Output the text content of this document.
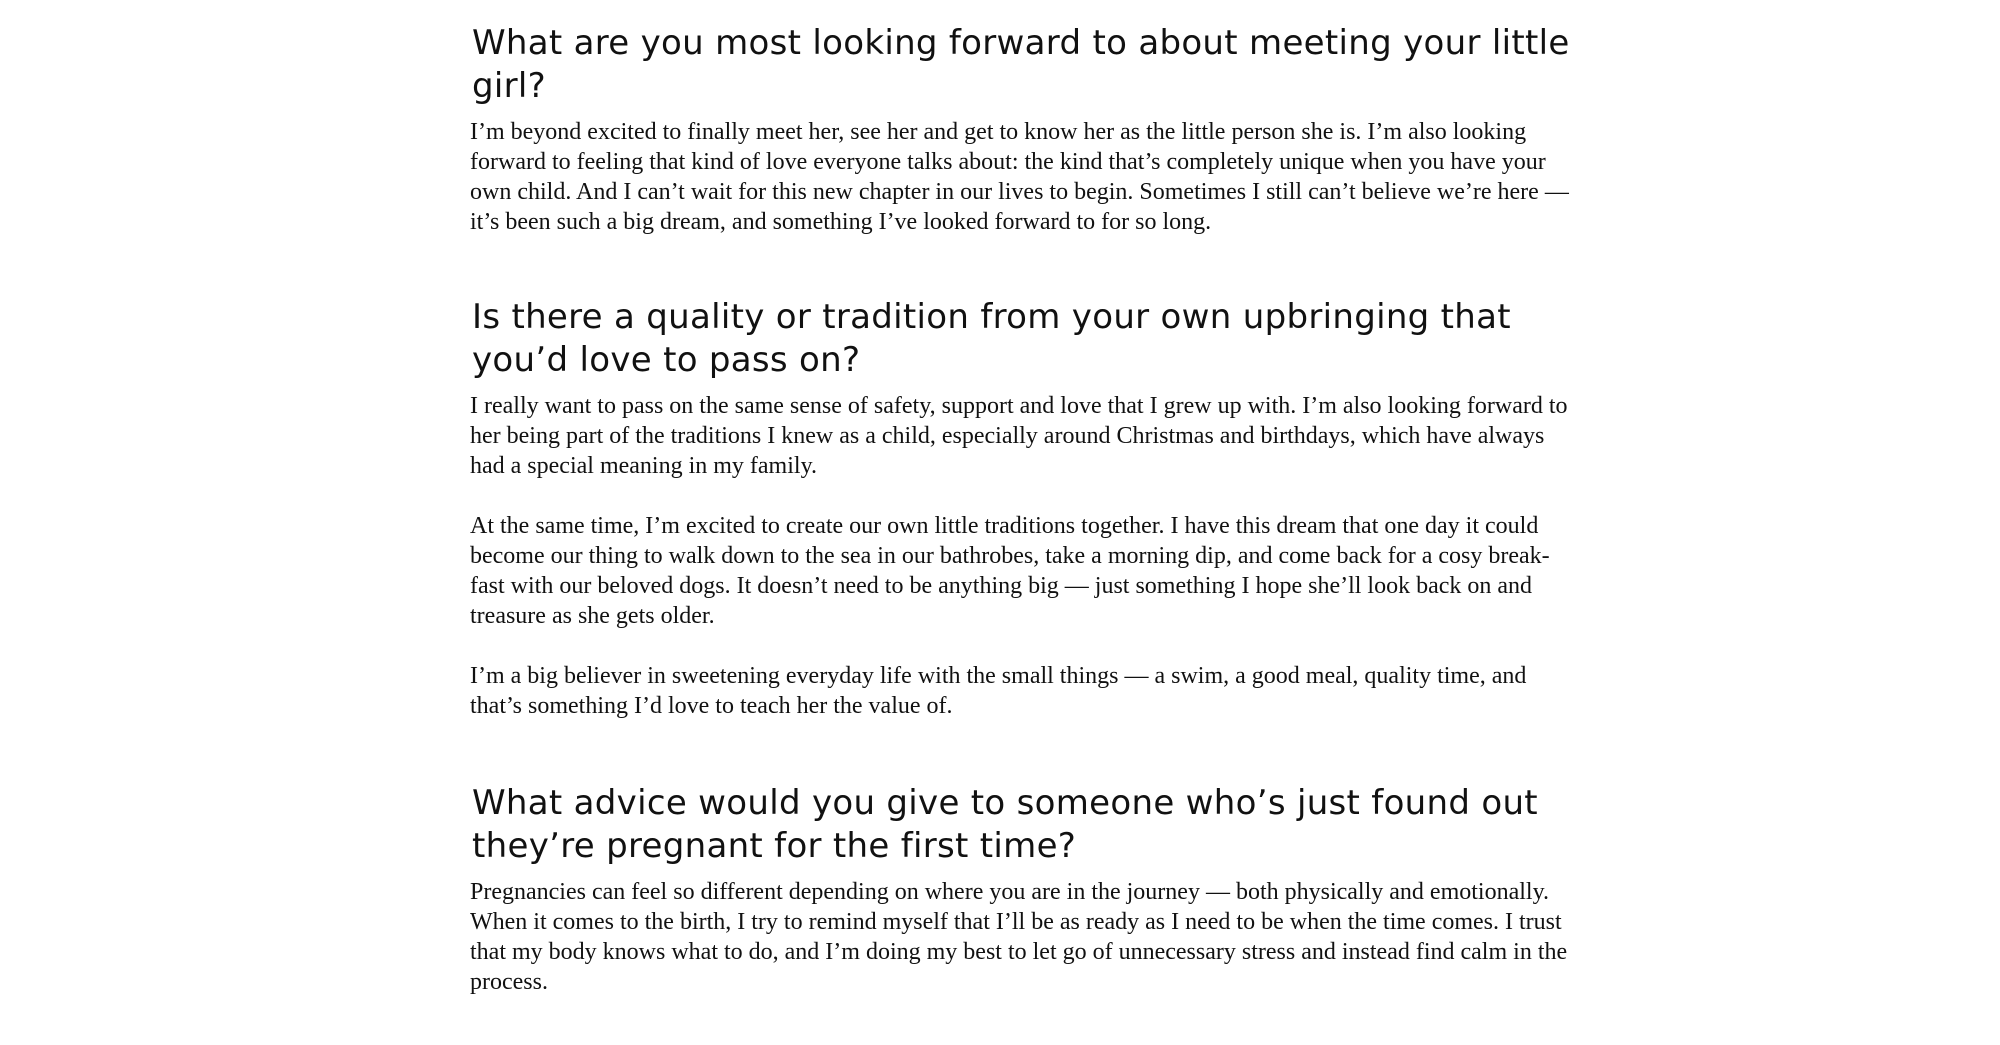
What are you most looking forward to about meeting your little girl?

I’m beyond excited to finally meet her, see her and get to know her as the little person she is. I’m also looking forward to feeling that kind of love everyone talks about: the kind that’s completely unique when you have your own child. And I can’t wait for this new chapter in our lives to begin. Sometimes I still can’t believe we’re here — it’s been such a big dream, and something I’ve looked forward to for so long.

Is there a quality or tradition from your own upbringing that you’d love to pass on?

I really want to pass on the same sense of safety, support and love that I grew up with. I’m also looking forward to her being part of the traditions I knew as a child, especially around Christmas and birthdays, which have always had a special meaning in my family.

At the same time, I’m excited to create our own little traditions together. I have this dream that one day it could become our thing to walk down to the sea in our bathrobes, take a morning dip, and come back for a cosy break-fast with our beloved dogs. It doesn’t need to be anything big — just something I hope she’ll look back on and treasure as she gets older.

I’m a big believer in sweetening everyday life with the small things — a swim, a good meal, quality time, and that’s something I’d love to teach her the value of.

What advice would you give to someone who’s just found out they’re pregnant for the first time?

Pregnancies can feel so different depending on where you are in the journey — both physically and emotionally. When it comes to the birth, I try to remind myself that I’ll be as ready as I need to be when the time comes. I trust that my body knows what to do, and I’m doing my best to let go of unnecessary stress and instead find calm in the process.
